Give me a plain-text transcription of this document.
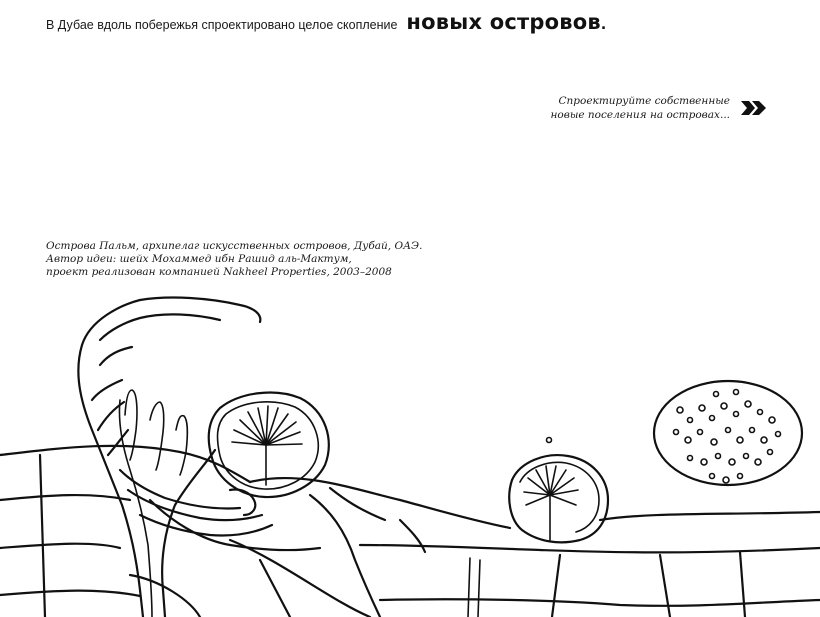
В Дубае вдоль побережья спроектировано целое скопление новых островов .
Спроектируйте собственные
новые поселения на островах...
Острова Пальм, архипелаг искусственных островов, Дубай, ОАЭ.
Автор идеи: шейх Мохаммед ибн Рашид аль-Мактум,
проект реализован компанией Nakheel Properties, 2003–2008
